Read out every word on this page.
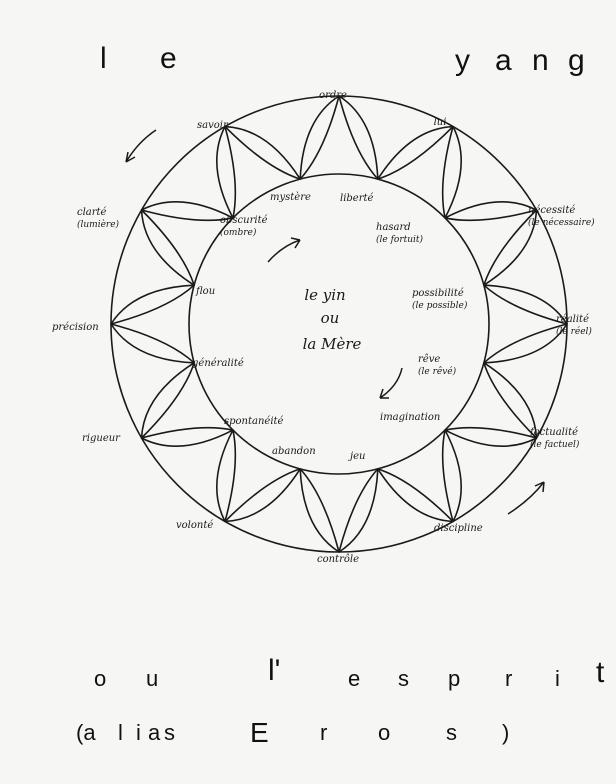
l e	y a n g
le yin
ou
la Mère
ordre
lui
nécessité
(le nécessaire)
réalité
(le réel)
factualité
(le factuel)
discipline
contrôle
volonté
rigueur
précision
clarté
(lumière)
savoir
liberté
hasard
(le fortuit)
possibilité
(le possible)
rêve
(le rêvé)
imagination
jeu
abandon
spontanéité
généralité
flou
obscurité
(ombre)
mystère
o u	l'	e s p r i t
(a l i a s	E r o	s )
